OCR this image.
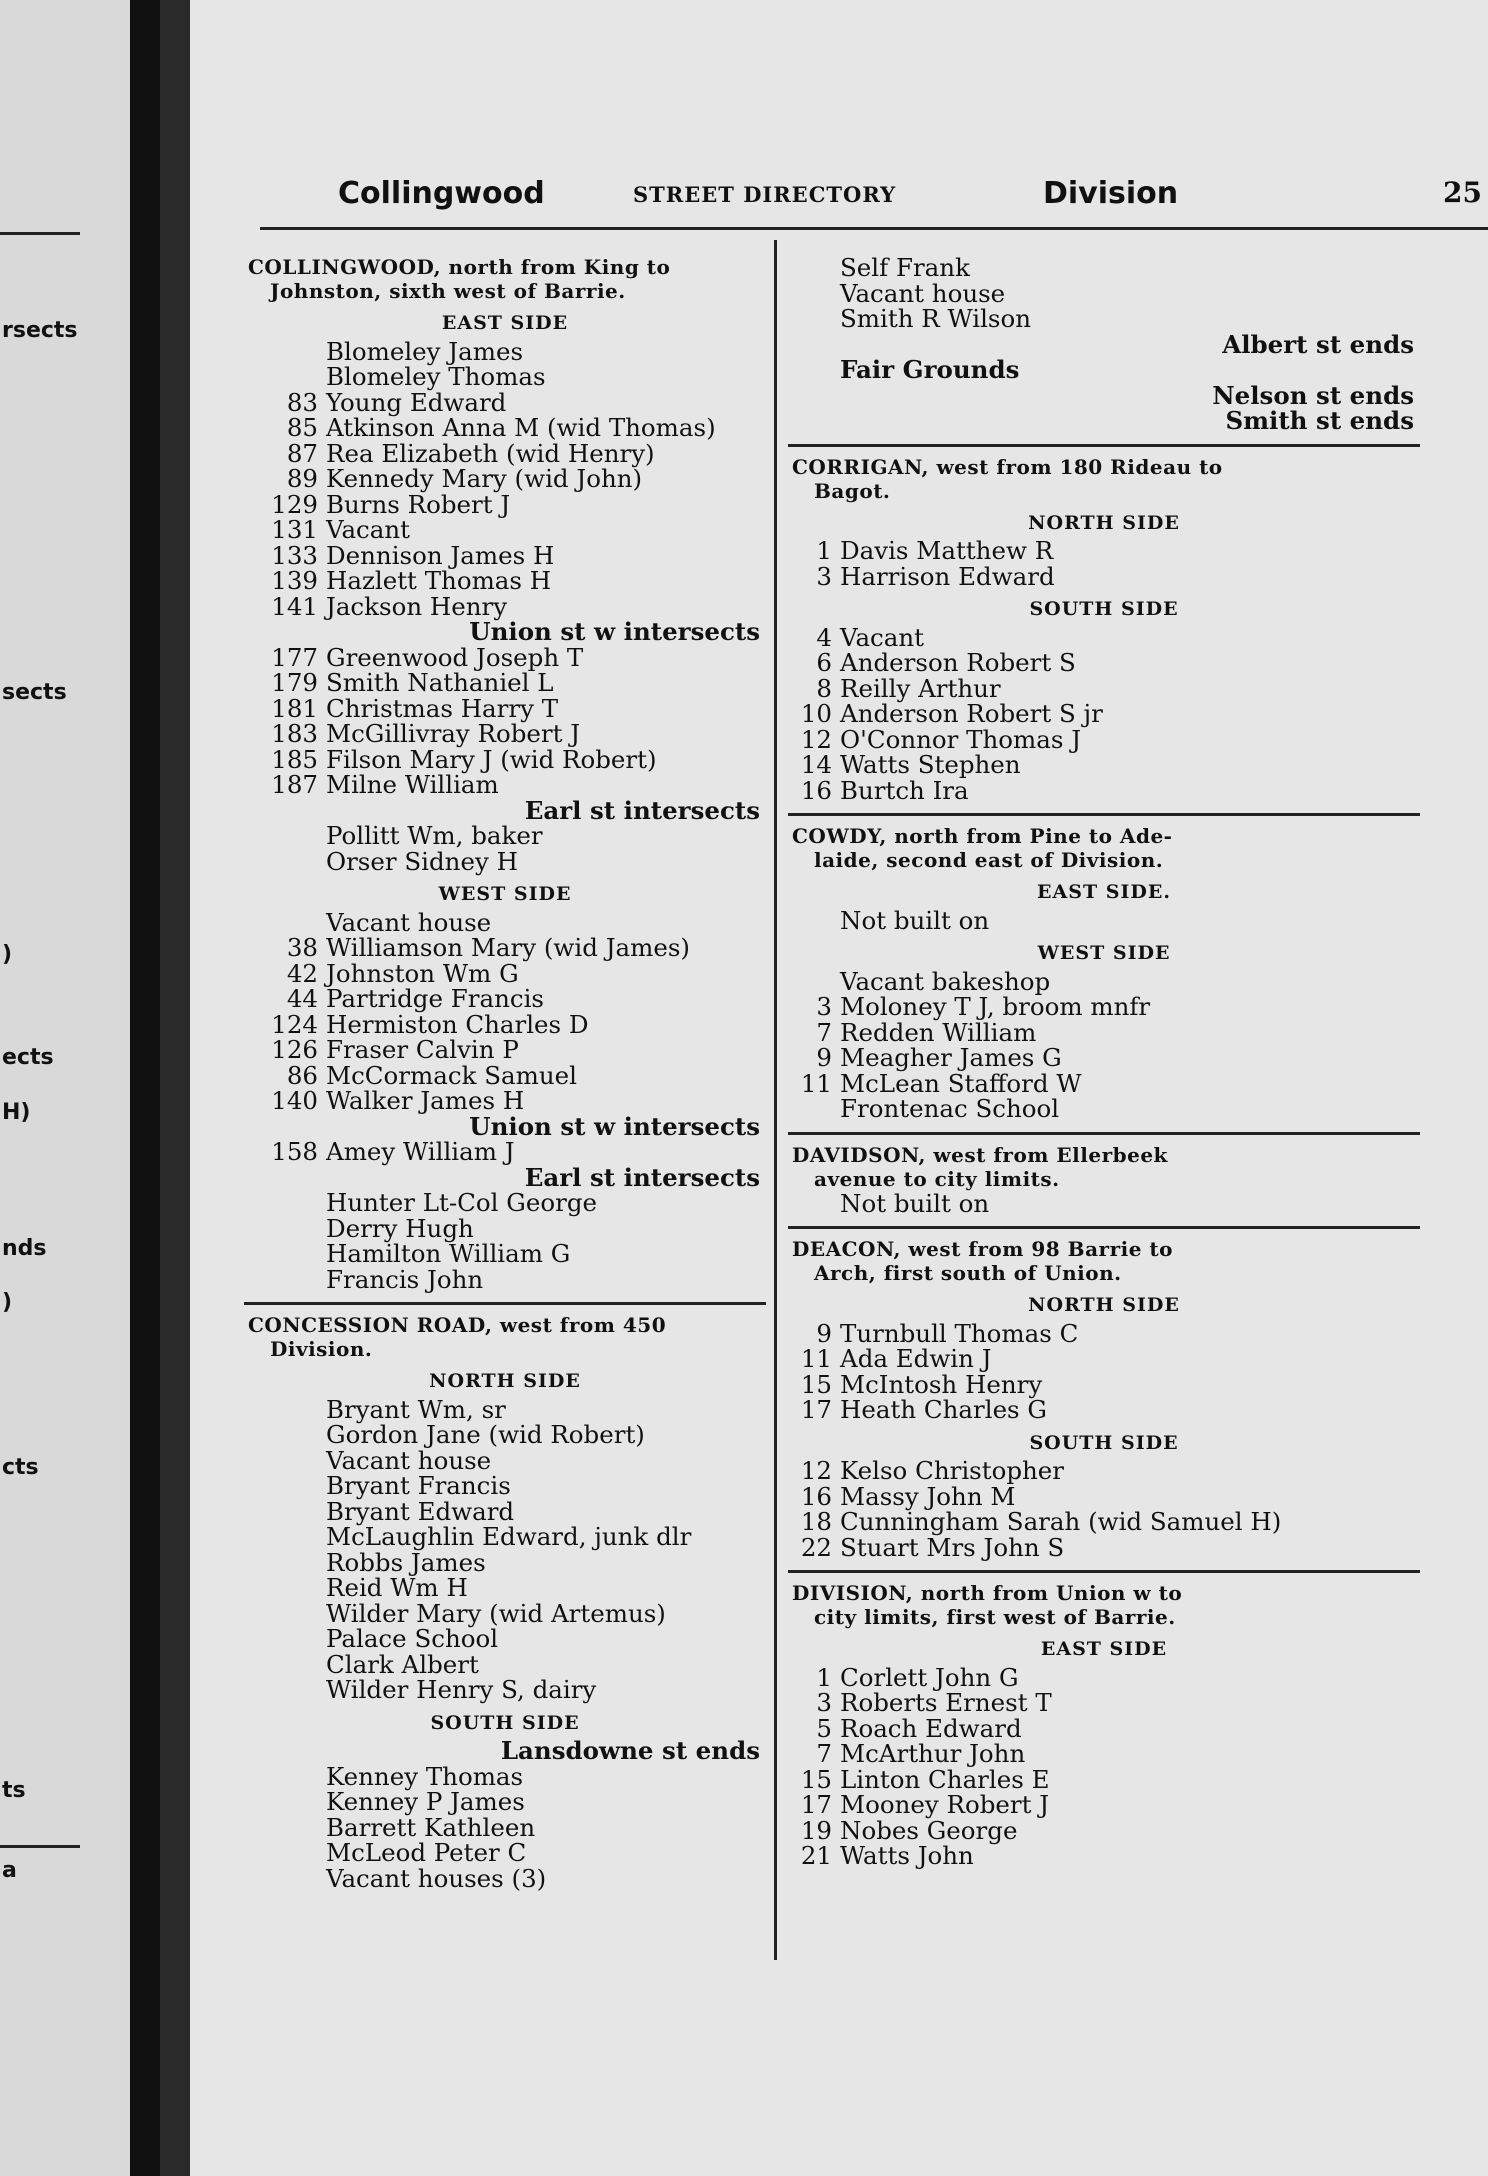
rsects
sects
)
ects
H)
nds
)
cts
ts
a
Collingwood	STREET DIRECTORY	Division	25
COLLINGWOOD, north from King to
Johnston, sixth west of Barrie.
EAST SIDE
Blomeley James
Blomeley Thomas
83 Young Edward
85 Atkinson Anna M (wid Thomas)
87 Rea Elizabeth (wid Henry)
89 Kennedy Mary (wid John)
129 Burns Robert J
131 Vacant
133 Dennison James H
139 Hazlett Thomas H
141 Jackson Henry
Union st w intersects
177 Greenwood Joseph T
179 Smith Nathaniel L
181 Christmas Harry T
183 McGillivray Robert J
185 Filson Mary J (wid Robert)
187 Milne William
Earl st intersects
Pollitt Wm, baker
Orser Sidney H
WEST SIDE
Vacant house
38 Williamson Mary (wid James)
42 Johnston Wm G
44 Partridge Francis
124 Hermiston Charles D
126 Fraser Calvin P
86 McCormack Samuel
140 Walker James H
Union st w intersects
158 Amey William J
Earl st intersects
Hunter Lt-Col George
Derry Hugh
Hamilton William G
Francis John
CONCESSION ROAD, west from 450
Division.
NORTH SIDE
Bryant Wm, sr
Gordon Jane (wid Robert)
Vacant house
Bryant Francis
Bryant Edward
McLaughlin Edward, junk dlr
Robbs James
Reid Wm H
Wilder Mary (wid Artemus)
Palace School
Clark Albert
Wilder Henry S, dairy
SOUTH SIDE
Lansdowne st ends
Kenney Thomas
Kenney P James
Barrett Kathleen
McLeod Peter C
Vacant houses (3)
Self Frank
Vacant house
Smith R Wilson
Albert st ends
Fair Grounds
Nelson st ends
Smith st ends
CORRIGAN, west from 180 Rideau to
Bagot.
NORTH SIDE
1 Davis Matthew R
3 Harrison Edward
SOUTH SIDE
4 Vacant
6 Anderson Robert S
8 Reilly Arthur
10 Anderson Robert S jr
12 O'Connor Thomas J
14 Watts Stephen
16 Burtch Ira
COWDY, north from Pine to Ade-
laide, second east of Division.
EAST SIDE.
Not built on
WEST SIDE
Vacant bakeshop
3 Moloney T J, broom mnfr
7 Redden William
9 Meagher James G
11 McLean Stafford W
Frontenac School
DAVIDSON, west from Ellerbeek
avenue to city limits.
Not built on
DEACON, west from 98 Barrie to
Arch, first south of Union.
NORTH SIDE
9 Turnbull Thomas C
11 Ada Edwin J
15 McIntosh Henry
17 Heath Charles G
SOUTH SIDE
12 Kelso Christopher
16 Massy John M
18 Cunningham Sarah (wid Samuel H)
22 Stuart Mrs John S
DIVISION, north from Union w to
city limits, first west of Barrie.
EAST SIDE
1 Corlett John G
3 Roberts Ernest T
5 Roach Edward
7 McArthur John
15 Linton Charles E
17 Mooney Robert J
19 Nobes George
21 Watts John
